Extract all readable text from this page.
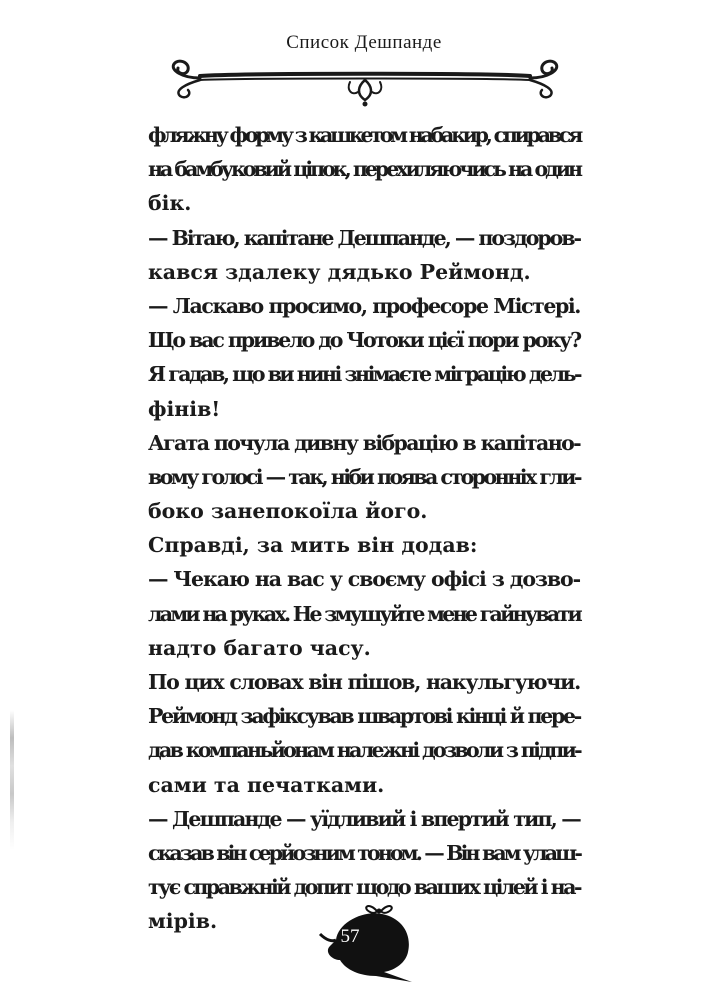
Список Дешпанде
фляжну форму з кашкетом набакир, спирався
на бамбуковий ціпок, перехиляючись на один
бік.
— Вітаю, капітане Дешпанде, — поздоров-
кався здалеку дядько Реймонд.
— Ласкаво просимо, професоре Містері.
Що вас привело до Чотоки цієї пори року?
Я гадав, що ви нині знімаєте міграцію дель-
фінів!
Агата почула дивну вібрацію в капітано-
вому голосі — так, ніби поява сторонніх гли-
боко занепокоїла його.
Справді, за мить він додав:
— Чекаю на вас у своєму офісі з дозво-
лами на руках. Не змушуйте мене гайнувати
надто багато часу.
По цих словах він пішов, накульгуючи.
Реймонд зафіксував швартові кінці й пере-
дав компаньйонам належні дозволи з підпи-
сами та печатками.
— Дешпанде — уїдливий і впертий тип, —
сказав він серйозним тоном. — Він вам улаш-
тує справжній допит щодо ваших цілей і на-
мірів.
57
